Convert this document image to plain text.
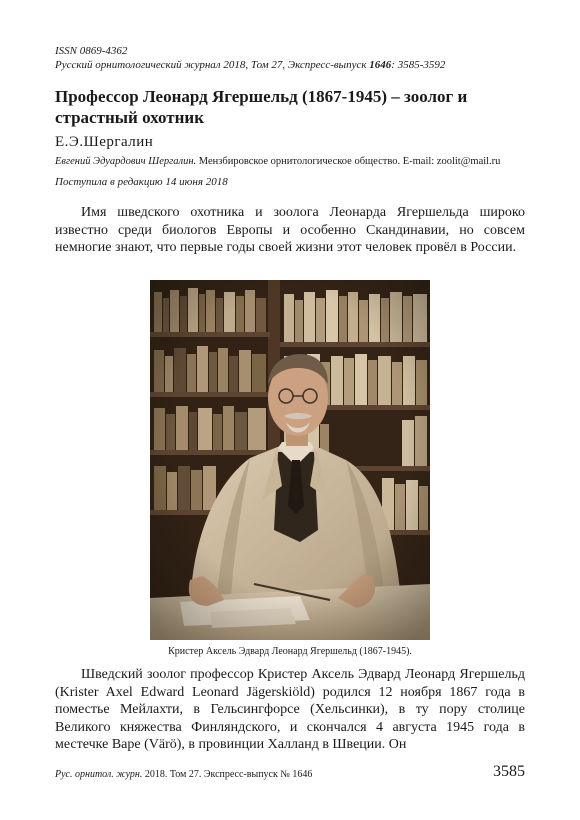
ISSN 0869-4362
Русский орнитологический журнал 2018, Том 27, Экспресс-выпуск 1646: 3585-3592
Профессор Леонард Ягершельд (1867-1945) – зоолог и страстный охотник
Е.Э.Шергалин
Евгений Эдуардович Шергалин. Мензбировское орнитологическое общество. E-mail: zoolit@mail.ru
Поступила в редакцию 14 июня 2018
Имя шведского охотника и зоолога Леонарда Ягершельда широко известно среди биологов Европы и особенно Скандинавии, но совсем немногие знают, что первые годы своей жизни этот человек провёл в России.
Кристер Аксель Эдвард Леонард Ягершельд (1867-1945).
Шведский зоолог профессор Кристер Аксель Эдвард Леонард Ягершельд (Krister Axel Edward Leonard Jägerskiöld) родился 12 ноября 1867 года в поместье Мейлахти, в Гельсингфорсе (Хельсинки), в ту пору столице Великого княжества Финляндского, и скончался 4 августа 1945 года в местечке Варе (Värö), в провинции Халланд в Швеции. Он
Рус. орнитол. журн. 2018. Том 27. Экспресс-выпуск № 1646	3585
